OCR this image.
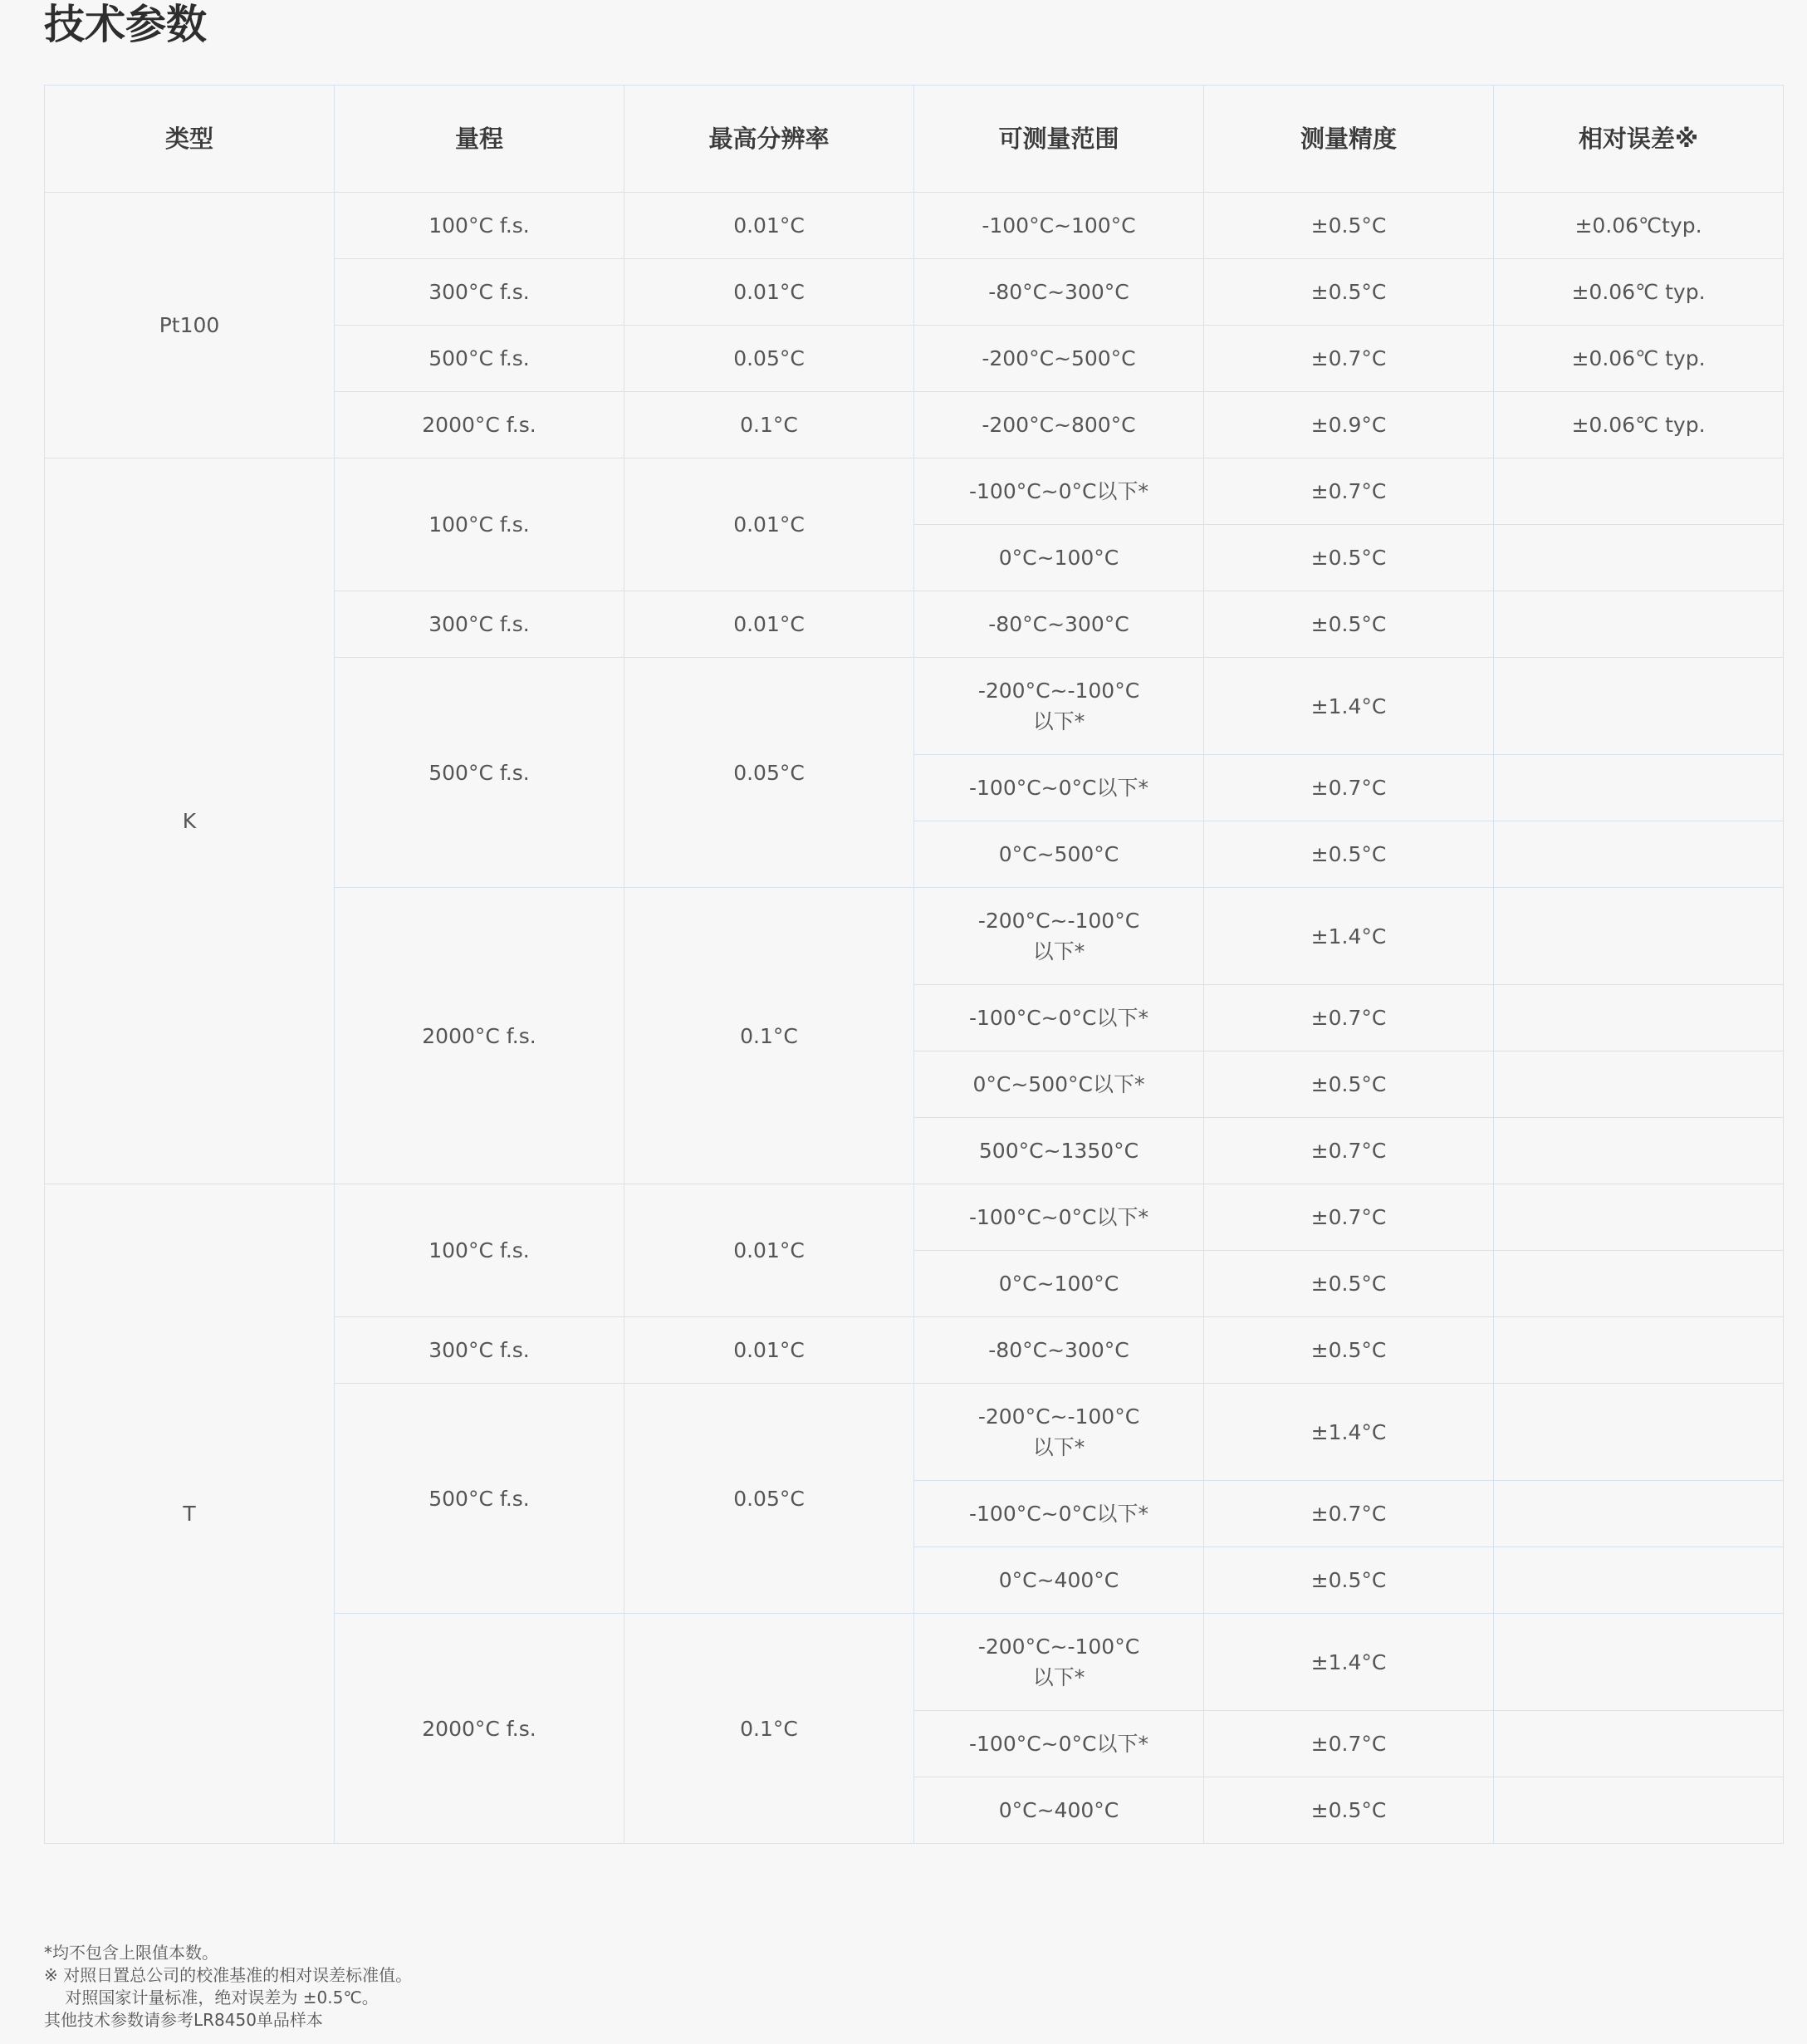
技术参数
类型	量程	最高分辨率	可测量范围	测量精度	相对误差※
Pt100	100°C f.s.	0.01°C	-100°C~100°C	±0.5°C	±0.06℃typ.
	300°C f.s.	0.01°C	-80°C~300°C	±0.5°C	±0.06℃ typ.
	500°C f.s.	0.05°C	-200°C~500°C	±0.7°C	±0.06℃ typ.
	2000°C f.s.	0.1°C	-200°C~800°C	±0.9°C	±0.06℃ typ.
K	100°C f.s.	0.01°C	-100°C~0°C以下*	±0.7°C	
			0°C~100°C	±0.5°C	
	300°C f.s.	0.01°C	-80°C~300°C	±0.5°C	
	500°C f.s.	0.05°C	-200°C~-100°C以下*	±1.4°C	
			-100°C~0°C以下*	±0.7°C	
			0°C~500°C	±0.5°C	
	2000°C f.s.	0.1°C	-200°C~-100°C以下*	±1.4°C	
			-100°C~0°C以下*	±0.7°C	
			0°C~500°C以下*	±0.5°C	
			500°C~1350°C	±0.7°C	
T	100°C f.s.	0.01°C	-100°C~0°C以下*	±0.7°C	
			0°C~100°C	±0.5°C	
	300°C f.s.	0.01°C	-80°C~300°C	±0.5°C	
	500°C f.s.	0.05°C	-200°C~-100°C以下*	±1.4°C	
			-100°C~0°C以下*	±0.7°C	
			0°C~400°C	±0.5°C	
	2000°C f.s.	0.1°C	-200°C~-100°C以下*	±1.4°C	
			-100°C~0°C以下*	±0.7°C	
			0°C~400°C	±0.5°C	
*均不包含上限值本数。
※ 对照日置总公司的校准基准的相对误差标准值。
对照国家计量标准，绝对误差为 ±0.5℃。
其他技术参数请参考LR8450单品样本
